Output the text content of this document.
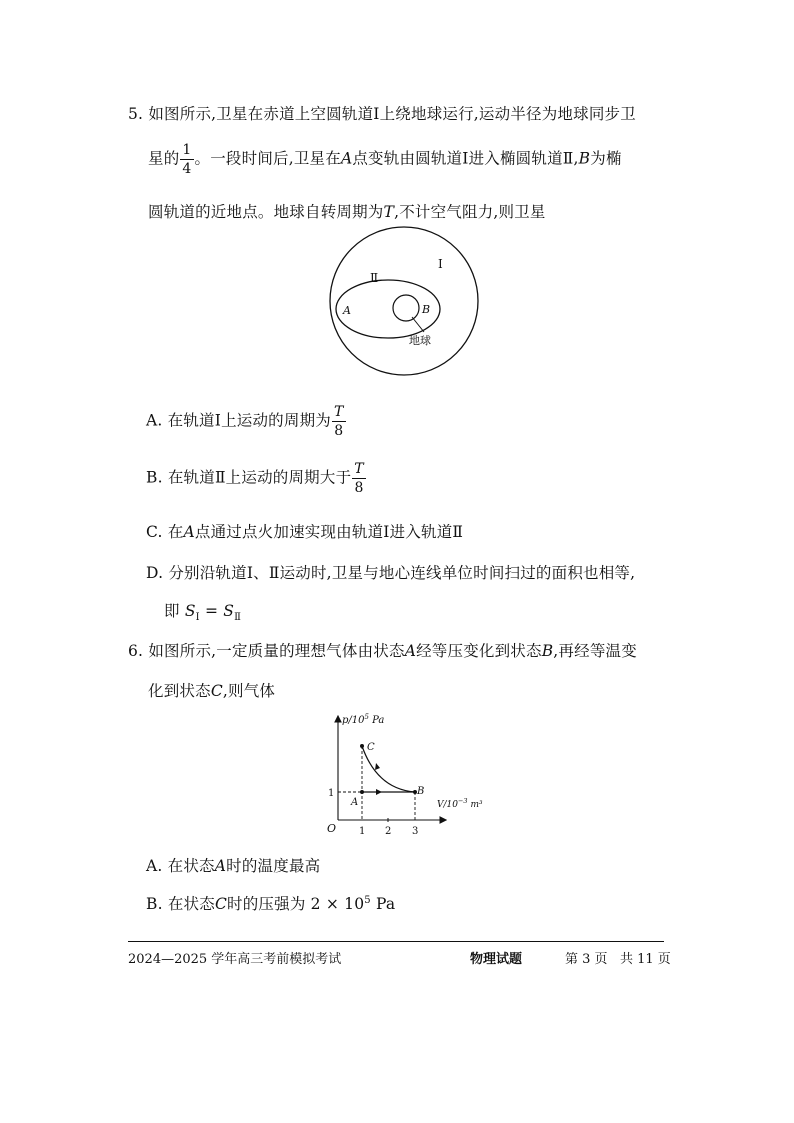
5. 如图所示,卫星在赤道上空圆轨道Ⅰ上绕地球运行,运动半径为地球同步卫
星的 $\frac{1}{4}$ 。一段时间后,卫星在A点变轨由圆轨道Ⅰ进入椭圆轨道Ⅱ,B为椭
圆轨道的近地点。地球自转周期为T,不计空气阻力,则卫星
Ⅰ
Ⅱ
A	B
地球
A. 在轨道Ⅰ上运动的周期为 $\frac{T}{8}$
B. 在轨道Ⅱ上运动的周期大于 $\frac{T}{8}$
C. 在A点通过点火加速实现由轨道Ⅰ进入轨道Ⅱ
D. 分别沿轨道Ⅰ、Ⅱ运动时,卫星与地心连线单位时间扫过的面积也相等,
即 $S_Ⅰ = S_Ⅱ$
6. 如图所示,一定质量的理想气体由状态A经等压变化到状态B,再经等温变
化到状态C,则气体
$p/10^5$ Pa
$V/10^{-3}$ m³
O 1 2 3
1
A
B
C
A. 在状态A时的温度最高
B. 在状态C时的压强为 $2 \times 10^5$ Pa
2024—2025 学年高三考前模拟考试	物理试题	第 3 页 共 11 页
